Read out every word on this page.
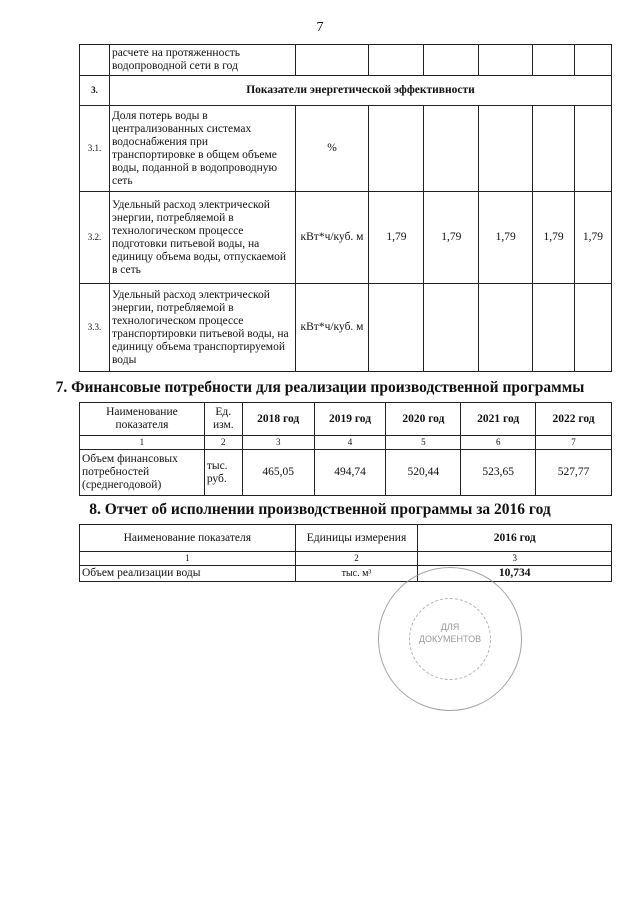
7
	расчете на протяженность водопроводной сети в год						
3.	Показатели энергетической эффективности						
3.1.	Доля потерь воды в централизованных системах водоснабжения при транспортировке в общем объеме воды, поданной в водопроводную сеть	%					
3.2.	Удельный расход электрической энергии, потребляемой в технологическом процессе подготовки питьевой воды, на единицу объема воды, отпускаемой в сеть	кВт*ч/куб. м	1,79	1,79	1,79	1,79	1,79
3.3.	Удельный расход электрической энергии, потребляемой в технологическом процессе транспортировки питьевой воды, на единицу объема транспортируемой воды	кВт*ч/куб. м					
7. Финансовые потребности для реализации производственной программы
Наименование показателя	Ед. изм.	2018 год	2019 год	2020 год	2021 год	2022 год
1	2	3	4	5	6	7
Объем финансовых потребностей (среднегодовой)	тыс. руб.	465,05	494,74	520,44	523,65	527,77
8. Отчет об исполнении производственной программы за 2016 год
Наименование показателя	Единицы измерения	2016 год
1	2	3
Объем реализации воды	тыс. м³	10,734
ДЛЯ
ДОКУМЕНТОВ
